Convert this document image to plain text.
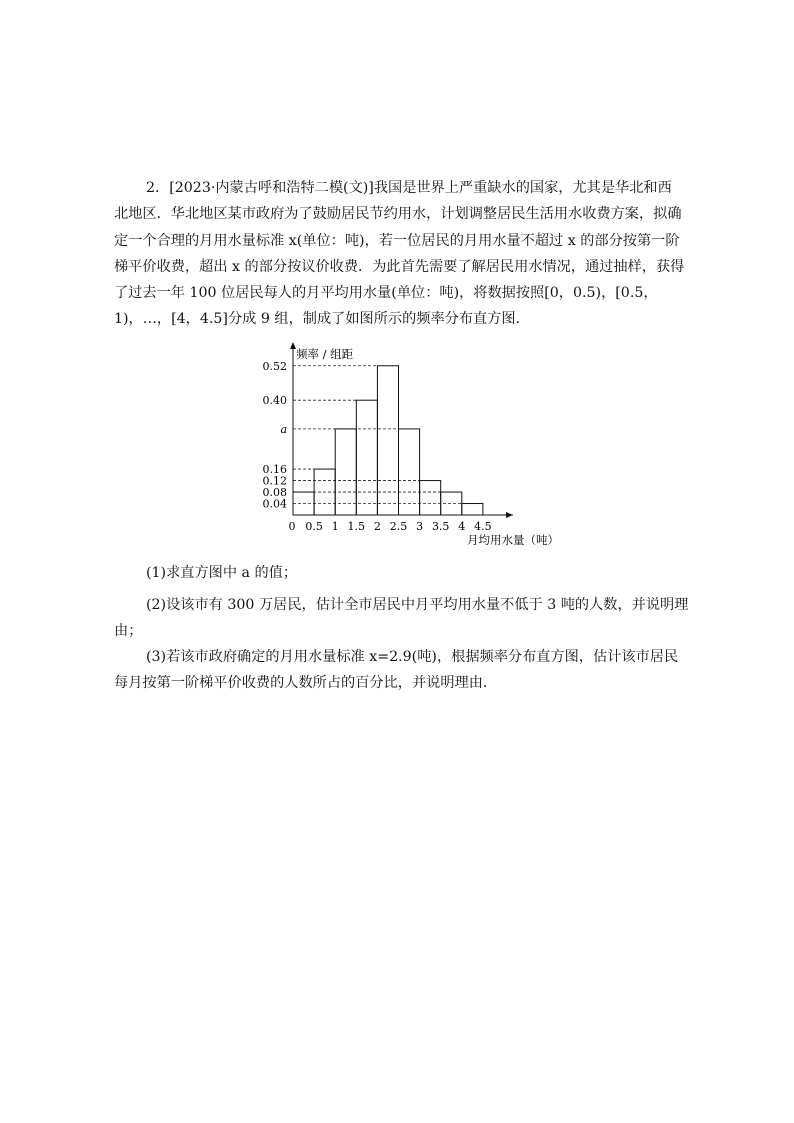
2．[2023·内蒙古呼和浩特二模(文)]我国是世界上严重缺水的国家，尤其是华北和西
北地区．华北地区某市政府为了鼓励居民节约用水，计划调整居民生活用水收费方案，拟确
定一个合理的月用水量标准 x(单位：吨)，若一位居民的月用水量不超过 x 的部分按第一阶
梯平价收费，超出 x 的部分按议价收费．为此首先需要了解居民用水情况，通过抽样，获得
了过去一年 100 位居民每人的月平均用水量(单位：吨)，将数据按照[0，0.5)，[0.5，
1)，…，[4，4.5]分成 9 组，制成了如图所示的频率分布直方图．
0.04
0.08
0.12
0.16
a
0.40
0.52
0 0.5 1 1.5 2 2.5 3 3.5 4 4.5
频率 / 组距
月均用水量（吨）
(1)求直方图中 a 的值；
(2)设该市有 300 万居民，估计全市居民中月平均用水量不低于 3 吨的人数，并说明理
由；
(3)若该市政府确定的月用水量标准 x=2.9(吨)，根据频率分布直方图，估计该市居民
每月按第一阶梯平价收费的人数所占的百分比，并说明理由．
